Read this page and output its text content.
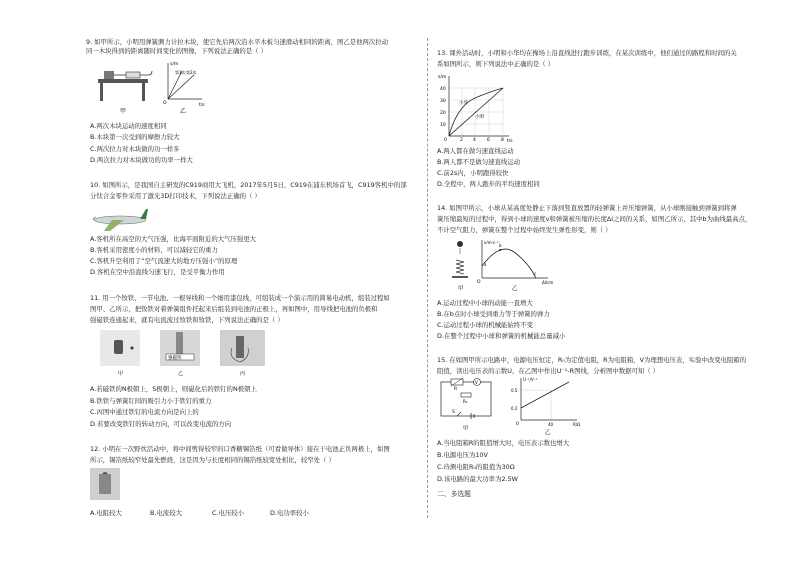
9. 如甲所示，小明用弹簧测力计拉木块，使它先后两次沿水平木板匀速滑动相同的距离，图乙是他两次拉动
同一木块得到的距离随时间变化的图像，下列说法正确的是（ ）
s/m
t/s
O
第1次 第2次
甲	乙
A.两次木块运动的速度相同
B.木块第一次受到的摩擦力较大
C.两次拉力对木块做的功一样多
D.两次拉力对木块做功的功率一样大
10. 如图所示，是我国自主研发的C919商用大飞机，2017年5月5日，C919在浦东机场首飞，C919客机中的部
分钛合金零件采用了激光3D打印技术，下列说法正确的（ ）
A.客机所在高空的大气压强，比海平面附近的大气压强更大
B.客机采用密度小的材料，可以减轻它的重力
C.客机升空利用了“空气流速大的地方压强小”的原理
D.客机在空中沿直线匀速飞行，是受平衡力作用
11. 用一个钕铁、一节电池、一根导线和一个细用漆包线，可组装成一个演示用的简易电动机，组装过程如
图甲、乙所示，把钕铁对着弹簧组件托起来后组装到电池的正极上，再如图中，用导线把电池的负极和
强磁铁连通起来，就有电流流过钕铁和钕铁，下列说法正确的是（ ）
强磁铁
甲	乙	丙
A.若磁铁的N极朝上，S极朝上，则磁化后的铁钉的N极朝上
B.铁铁与弹簧钉间的吸引力小于铁钉的重力
C.丙图中通过铁钉的电流方向是向上的
D.若要改变铁钉的转动方向，可以改变电流的方向
12. 小明在一次野炊活动中，将中间剪得较窄的口香糖锡箔纸（可看做导体）接在干电池正负两极上，如图
所示，锡箔纸较窄处最先燃烧，这是因为与长度相同的锡箔纸较宽处相比，较窄处（ ）
A.电阻较大	B.电流较大	C.电压较小	D.电功率较小
13. 课外活动时，小明和小华均在操场上沿直线进行跑步训练，在某次训练中，他们通过的路程和时间的关
系如图所示，则下列说法中正确的是（ ）
s/m
t/s
0
10
20
30
40
2 4 6 8
小华
小明
A.两人都在做匀速直线运动
B.两人都不是做匀速直线运动
C.前2s内，小明跑得较快
D.全程中，两人跑步的平均速度相同
14. 如图甲所示，小球从某高度处静止下落到竖直放置的轻弹簧上并压缩弹簧，从小球刚接触到弹簧到将弹
簧压缩最短的过程中，得到小球的速度v和弹簧被压缩的长度Δl之间的关系，如图乙所示，其中b为曲线最高点，
不计空气阻力，弹簧在整个过程中始终发生弹性形变，则（ ）
v/m·s⁻¹
Δl/cm
O
a
b
c
甲	乙
A.运动过程中小球的动能一直增大
B.在b点时小球受到重力等于弹簧的弹力
C.运动过程小球的机械能始终不变
D.在整个过程中小球和弹簧的机械能总量减小
15. 在如图甲所示电路中，电源电压恒定，R₀为定值电阻，R为电阻箱，V为理想电压表，实验中改变电阻箱的
阻值，读出电压表的示数U，在乙图中作出U⁻¹-R图线，分析图中数据可知（ ）
R
V
R₀
S
甲
U⁻¹/V⁻¹
R/Ω
0
0.5
0.2
40
乙
A.当电阻箱R的阻值增大时，电压表示数也增大
B.电源电压为10V
C.待测电阻R₀的阻值为30Ω
D.该电路的最大功率为2.5W
二、多选题
